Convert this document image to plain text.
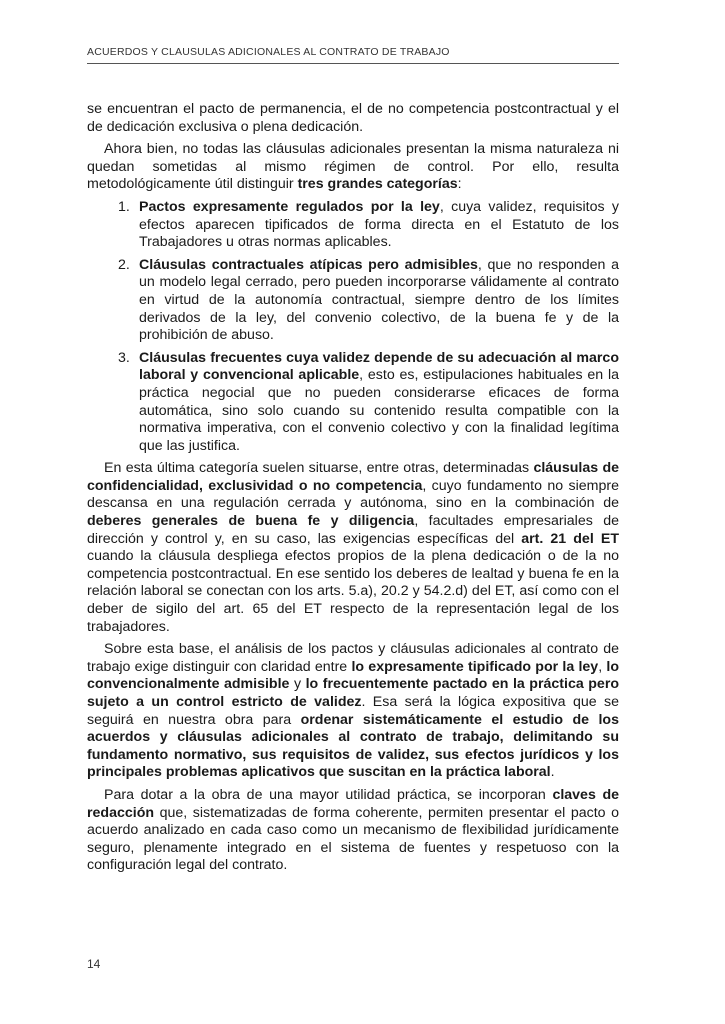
ACUERDOS Y CLAUSULAS ADICIONALES AL CONTRATO DE TRABAJO

se encuentran el pacto de permanencia, el de no competencia postcontractual y el de dedicación exclusiva o plena dedicación.

Ahora bien, no todas las cláusulas adicionales presentan la misma naturaleza ni quedan sometidas al mismo régimen de control. Por ello, resulta metodológicamente útil distinguir tres grandes categorías:

1. Pactos expresamente regulados por la ley, cuya validez, requisitos y efectos aparecen tipificados de forma directa en el Estatuto de los Trabajadores u otras normas aplicables.
2. Cláusulas contractuales atípicas pero admisibles, que no responden a un modelo legal cerrado, pero pueden incorporarse válidamente al contrato en virtud de la autonomía contractual, siempre dentro de los límites derivados de la ley, del convenio colectivo, de la buena fe y de la prohibición de abuso.
3. Cláusulas frecuentes cuya validez depende de su adecuación al marco laboral y convencional aplicable, esto es, estipulaciones habituales en la práctica negocial que no pueden considerarse eficaces de forma automática, sino solo cuando su contenido resulta compatible con la normativa imperativa, con el convenio colectivo y con la finalidad legítima que las justifica.

En esta última categoría suelen situarse, entre otras, determinadas cláusulas de confidencialidad, exclusividad o no competencia, cuyo fundamento no siempre descansa en una regulación cerrada y autónoma, sino en la combinación de deberes generales de buena fe y diligencia, facultades empresariales de dirección y control y, en su caso, las exigencias específicas del art. 21 del ET cuando la cláusula despliega efectos propios de la plena dedicación o de la no competencia postcontractual. En ese sentido los deberes de lealtad y buena fe en la relación laboral se conectan con los arts. 5.a), 20.2 y 54.2.d) del ET, así como con el deber de sigilo del art. 65 del ET respecto de la representación legal de los trabajadores.

Sobre esta base, el análisis de los pactos y cláusulas adicionales al contrato de trabajo exige distinguir con claridad entre lo expresamente tipificado por la ley, lo convencionalmente admisible y lo frecuentemente pactado en la práctica pero sujeto a un control estricto de validez. Esa será la lógica expositiva que se seguirá en nuestra obra para ordenar sistemáticamente el estudio de los acuerdos y cláusulas adicionales al contrato de trabajo, delimitando su fundamento normativo, sus requisitos de validez, sus efectos jurídicos y los principales problemas aplicativos que suscitan en la práctica laboral.

Para dotar a la obra de una mayor utilidad práctica, se incorporan claves de redacción que, sistematizadas de forma coherente, permiten presentar el pacto o acuerdo analizado en cada caso como un mecanismo de flexibilidad jurídicamente seguro, plenamente integrado en el sistema de fuentes y respetuoso con la configuración legal del contrato.

14
